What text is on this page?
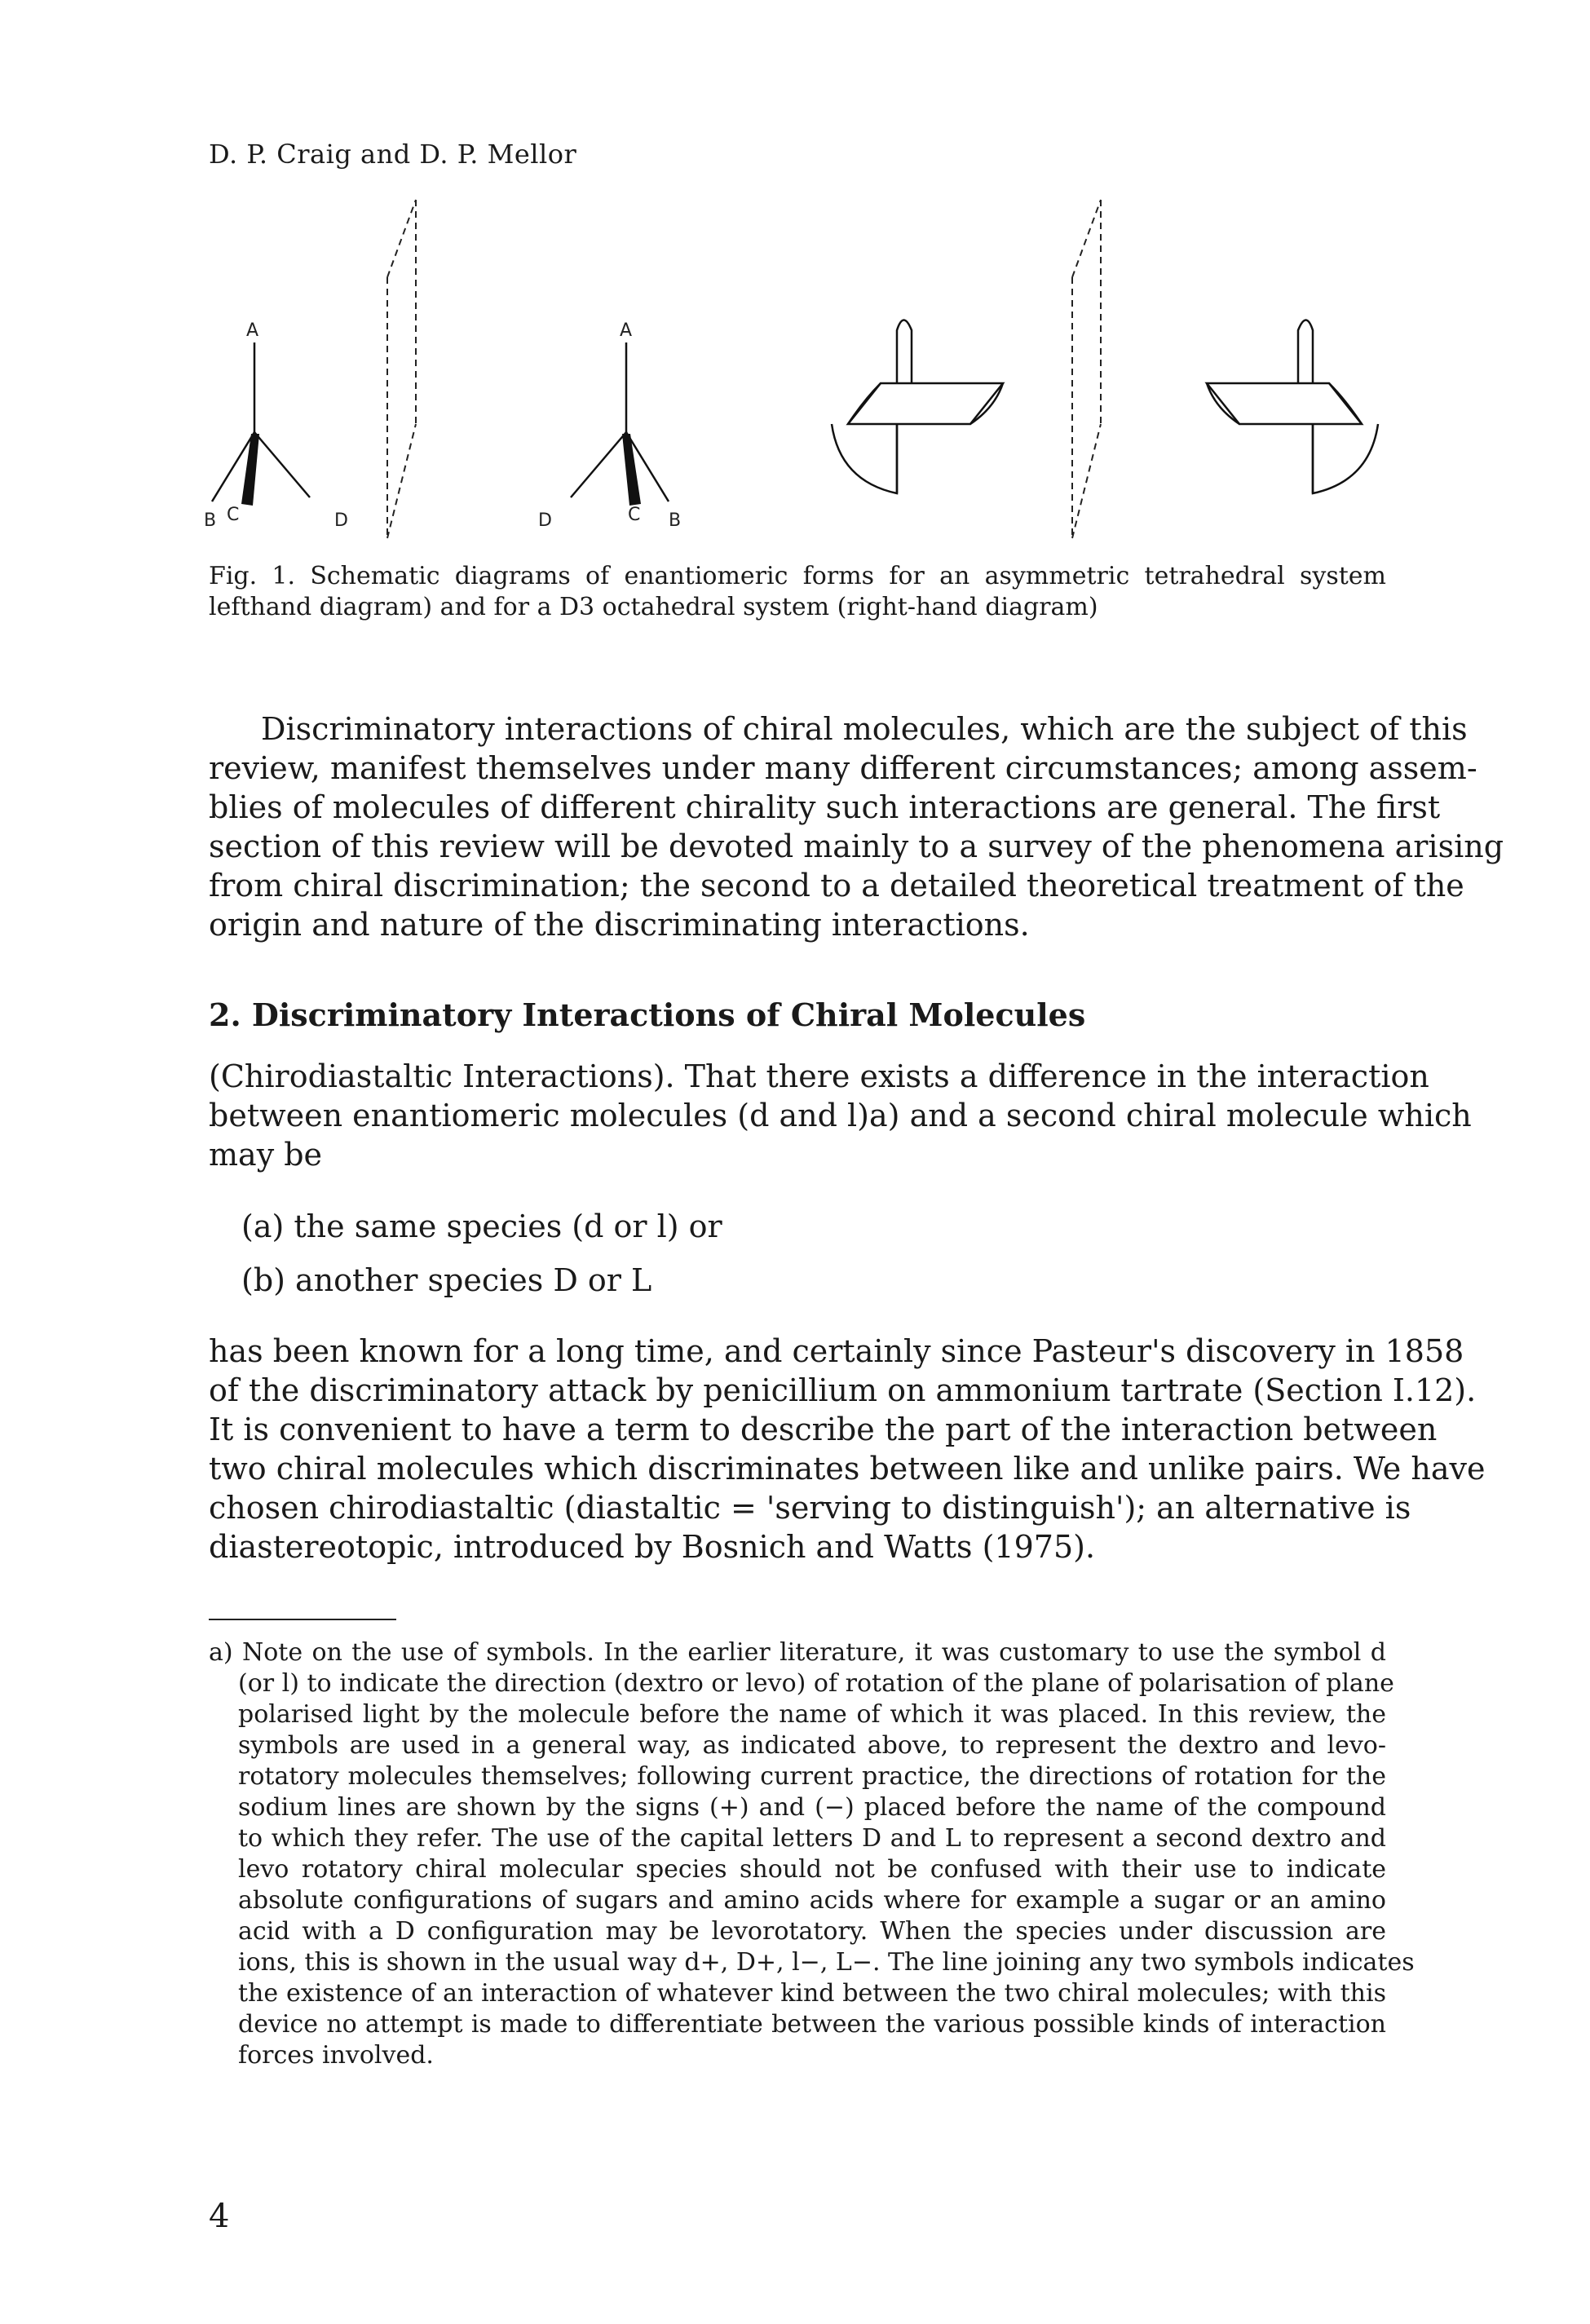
D. P. Craig and D. P. Mellor
A
B C	D
A
D	C B
Fig. 1. Schematic diagrams of enantiomeric forms for an asymmetric tetrahedral system
lefthand diagram) and for a D3 octahedral system (right-hand diagram)
Discriminatory interactions of chiral molecules, which are the subject of this
review, manifest themselves under many different circumstances; among assem-
blies of molecules of different chirality such interactions are general. The first
section of this review will be devoted mainly to a survey of the phenomena arising
from chiral discrimination; the second to a detailed theoretical treatment of the
origin and nature of the discriminating interactions.
2. Discriminatory Interactions of Chiral Molecules
(Chirodiastaltic Interactions). That there exists a difference in the interaction
between enantiomeric molecules (d and l)a) and a second chiral molecule which
may be
(a) the same species (d or l) or
(b) another species D or L
has been known for a long time, and certainly since Pasteur's discovery in 1858
of the discriminatory attack by penicillium on ammonium tartrate (Section I.12).
It is convenient to have a term to describe the part of the interaction between
two chiral molecules which discriminates between like and unlike pairs. We have
chosen chirodiastaltic (diastaltic = 'serving to distinguish'); an alternative is
diastereotopic, introduced by Bosnich and Watts (1975).
a) Note on the use of symbols. In the earlier literature, it was customary to use the symbol d
(or l) to indicate the direction (dextro or levo) of rotation of the plane of polarisation of plane
polarised light by the molecule before the name of which it was placed. In this review, the
symbols are used in a general way, as indicated above, to represent the dextro and levo-
rotatory molecules themselves; following current practice, the directions of rotation for the
sodium lines are shown by the signs (+) and (−) placed before the name of the compound
to which they refer. The use of the capital letters D and L to represent a second dextro and
levo rotatory chiral molecular species should not be confused with their use to indicate
absolute configurations of sugars and amino acids where for example a sugar or an amino
acid with a D configuration may be levorotatory. When the species under discussion are
ions, this is shown in the usual way d+, D+, l−, L−. The line joining any two symbols indicates
the existence of an interaction of whatever kind between the two chiral molecules; with this
device no attempt is made to differentiate between the various possible kinds of interaction
forces involved.
4
